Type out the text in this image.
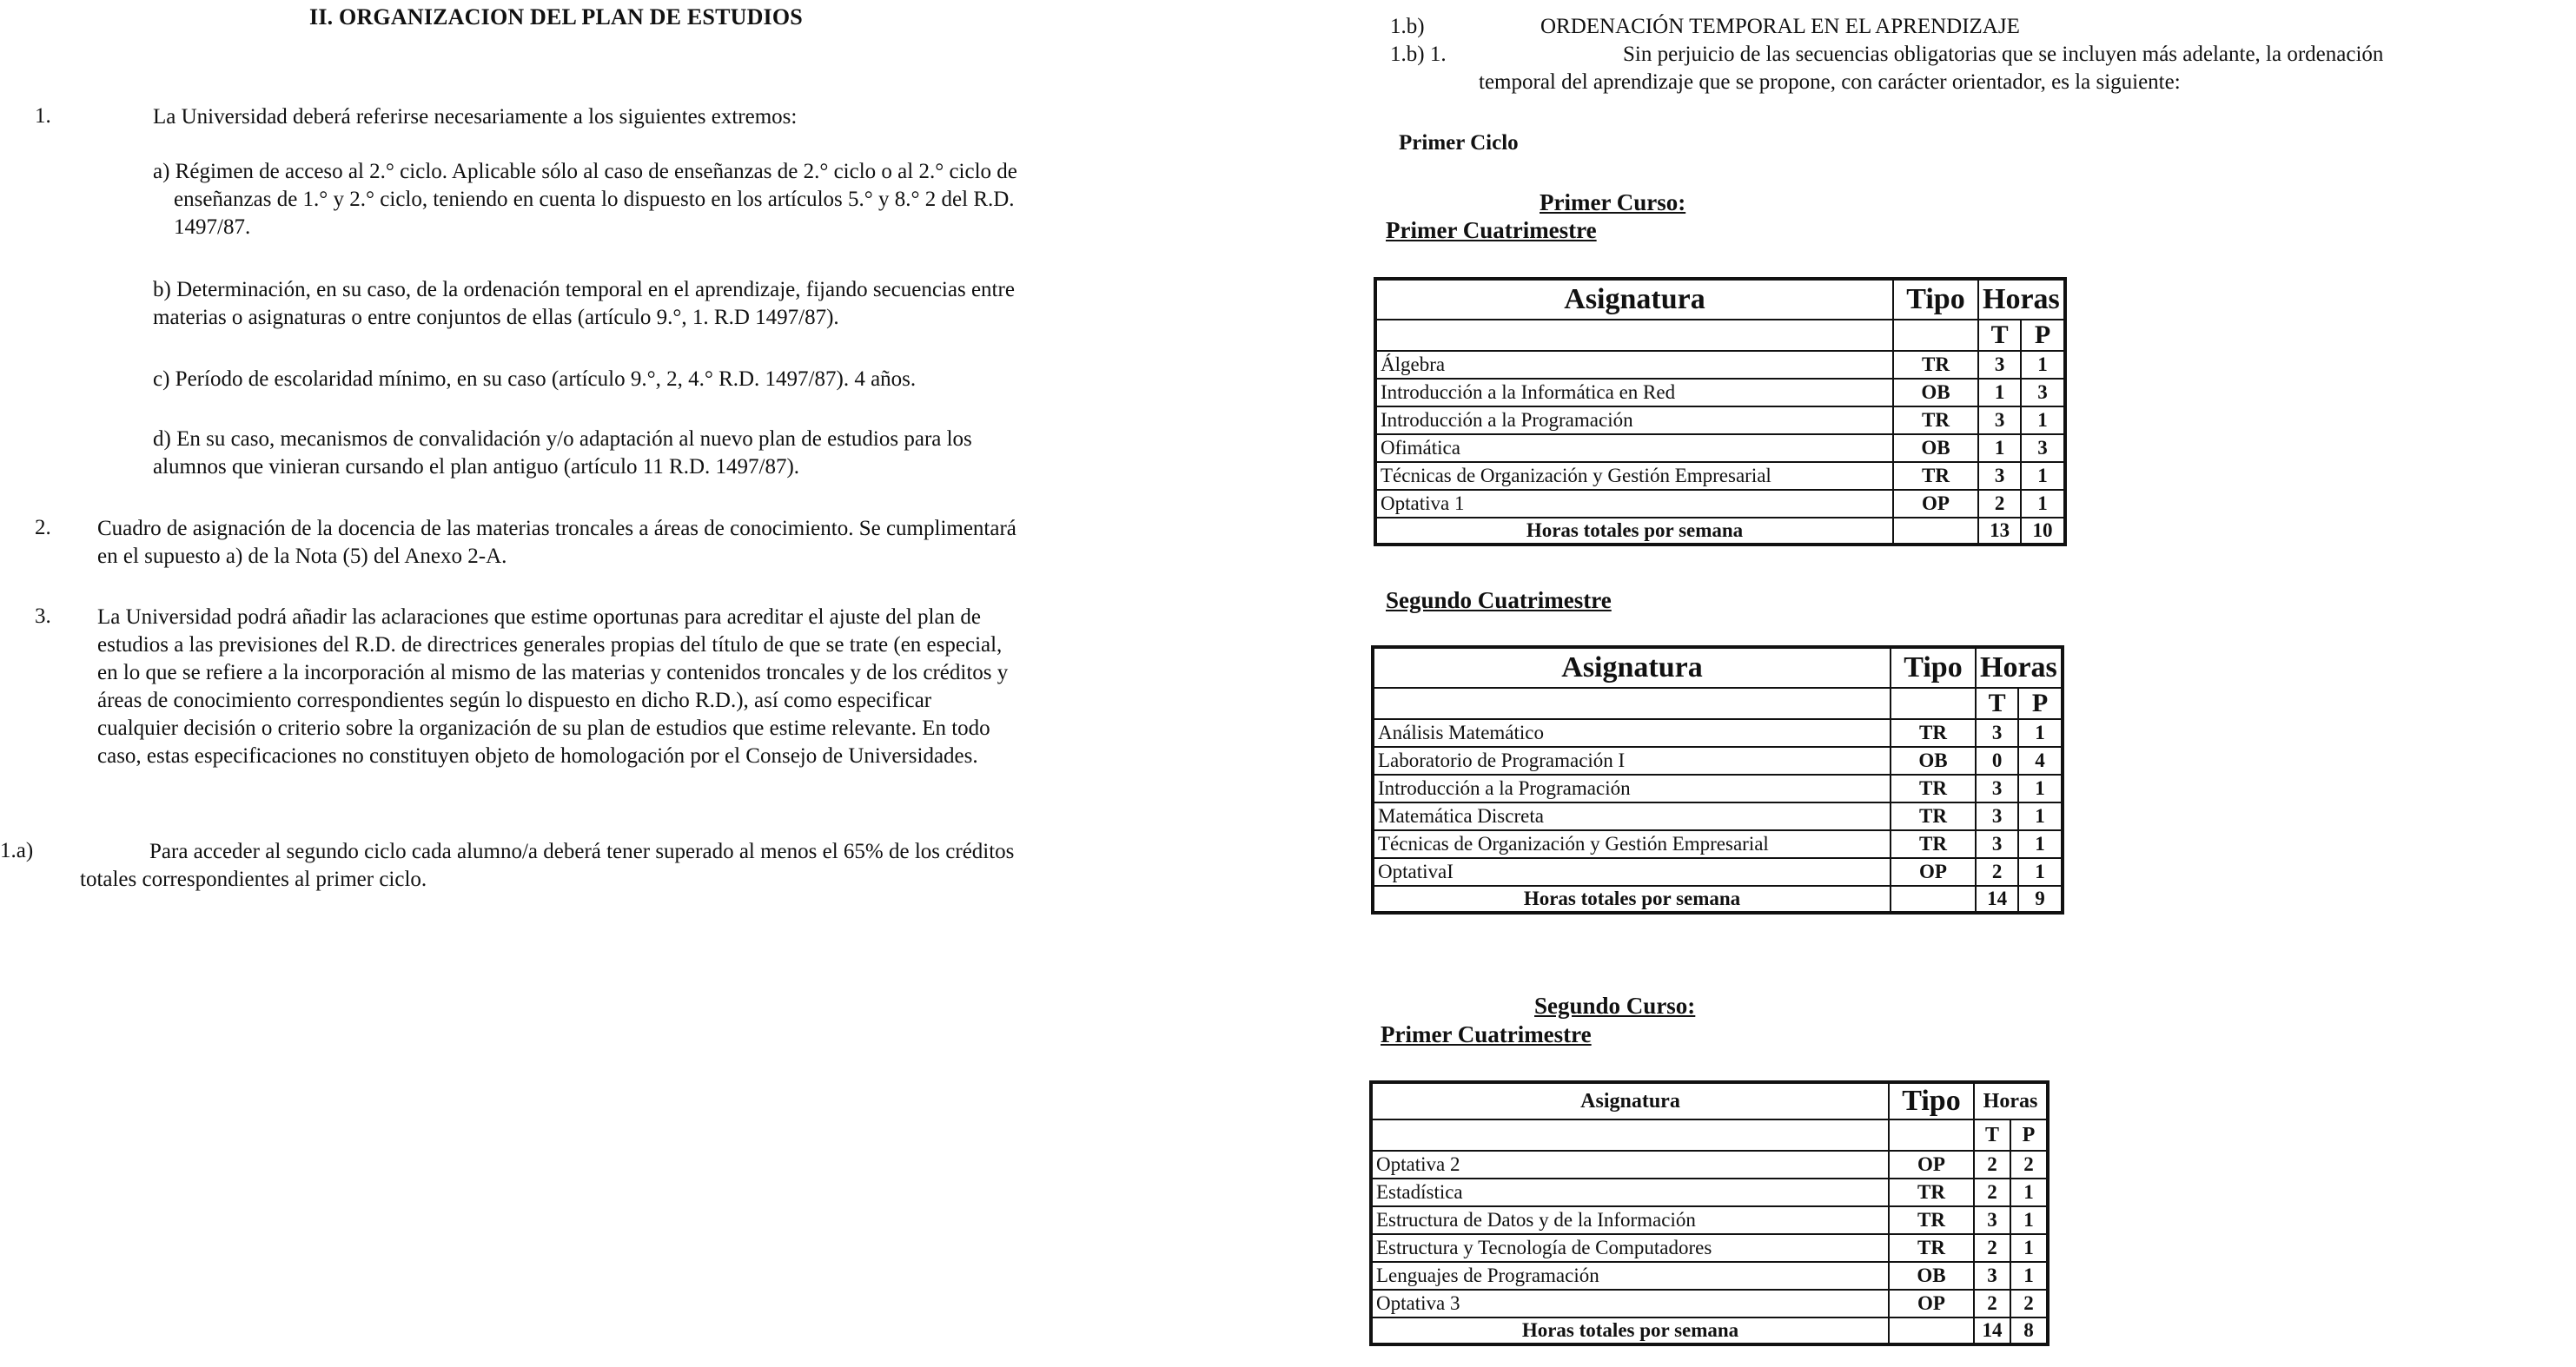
II. ORGANIZACION DEL PLAN DE ESTUDIOS
1.	La Universidad deberá referirse necesariamente a los siguientes extremos:
a) Régimen de acceso al 2.° ciclo. Aplicable sólo al caso de enseñanzas de 2.° ciclo o al 2.° ciclo de
enseñanzas de 1.° y 2.° ciclo, teniendo en cuenta lo dispuesto en los artículos 5.° y 8.° 2 del R.D.
1497/87.
b) Determinación, en su caso, de la ordenación temporal en el aprendizaje, fijando secuencias entre
materias o asignaturas o entre conjuntos de ellas (artículo 9.°, 1. R.D 1497/87).
c) Período de escolaridad mínimo, en su caso (artículo 9.°, 2, 4.° R.D. 1497/87). 4 años.
d) En su caso, mecanismos de convalidación y/o adaptación al nuevo plan de estudios para los
alumnos que vinieran cursando el plan antiguo (artículo 11 R.D. 1497/87).
2. Cuadro de asignación de la docencia de las materias troncales a áreas de conocimiento. Se cumplimentará
en el supuesto a) de la Nota (5) del Anexo 2-A.
3. La Universidad podrá añadir las aclaraciones que estime oportunas para acreditar el ajuste del plan de
estudios a las previsiones del R.D. de directrices generales propias del título de que se trate (en especial,
en lo que se refiere a la incorporación al mismo de las materias y contenidos troncales y de los créditos y
áreas de conocimiento correspondientes según lo dispuesto en dicho R.D.), así como especificar
cualquier decisión o criterio sobre la organización de su plan de estudios que estime relevante. En todo
caso, estas especificaciones no constituyen objeto de homologación por el Consejo de Universidades.
1.a)	Para acceder al segundo ciclo cada alumno/a deberá tener superado al menos el 65% de los créditos
totales correspondientes al primer ciclo.
1.b)	ORDENACIÓN TEMPORAL EN EL APRENDIZAJE
1.b) 1.	Sin perjuicio de las secuencias obligatorias que se incluyen más adelante, la ordenación
temporal del aprendizaje que se propone, con carácter orientador, es la siguiente:
Primer Ciclo
Primer Curso:
Primer Cuatrimestre
Asignatura	Tipo	Horas	
		T	P
Álgebra	TR	3	1
Introducción a la Informática en Red	OB	1	3
Introducción a la Programación	TR	3	1
Ofimática	OB	1	3
Técnicas de Organización y Gestión Empresarial	TR	3	1
Optativa 1	OP	2	1
Horas totales por semana		13	10
Segundo Cuatrimestre
Asignatura	Tipo	Horas	
		T	P
Análisis Matemático	TR	3	1
Laboratorio de Programación I	OB	0	4
Introducción a la Programación	TR	3	1
Matemática Discreta	TR	3	1
Técnicas de Organización y Gestión Empresarial	TR	3	1
OptativaI	OP	2	1
Horas totales por semana		14	9
Segundo Curso:
Primer Cuatrimestre
Asignatura	Tipo	Horas	
		T	P
Optativa 2	OP	2	2
Estadística	TR	2	1
Estructura de Datos y de la Información	TR	3	1
Estructura y Tecnología de Computadores	TR	2	1
Lenguajes de Programación	OB	3	1
Optativa 3	OP	2	2
Horas totales por semana		14	8
